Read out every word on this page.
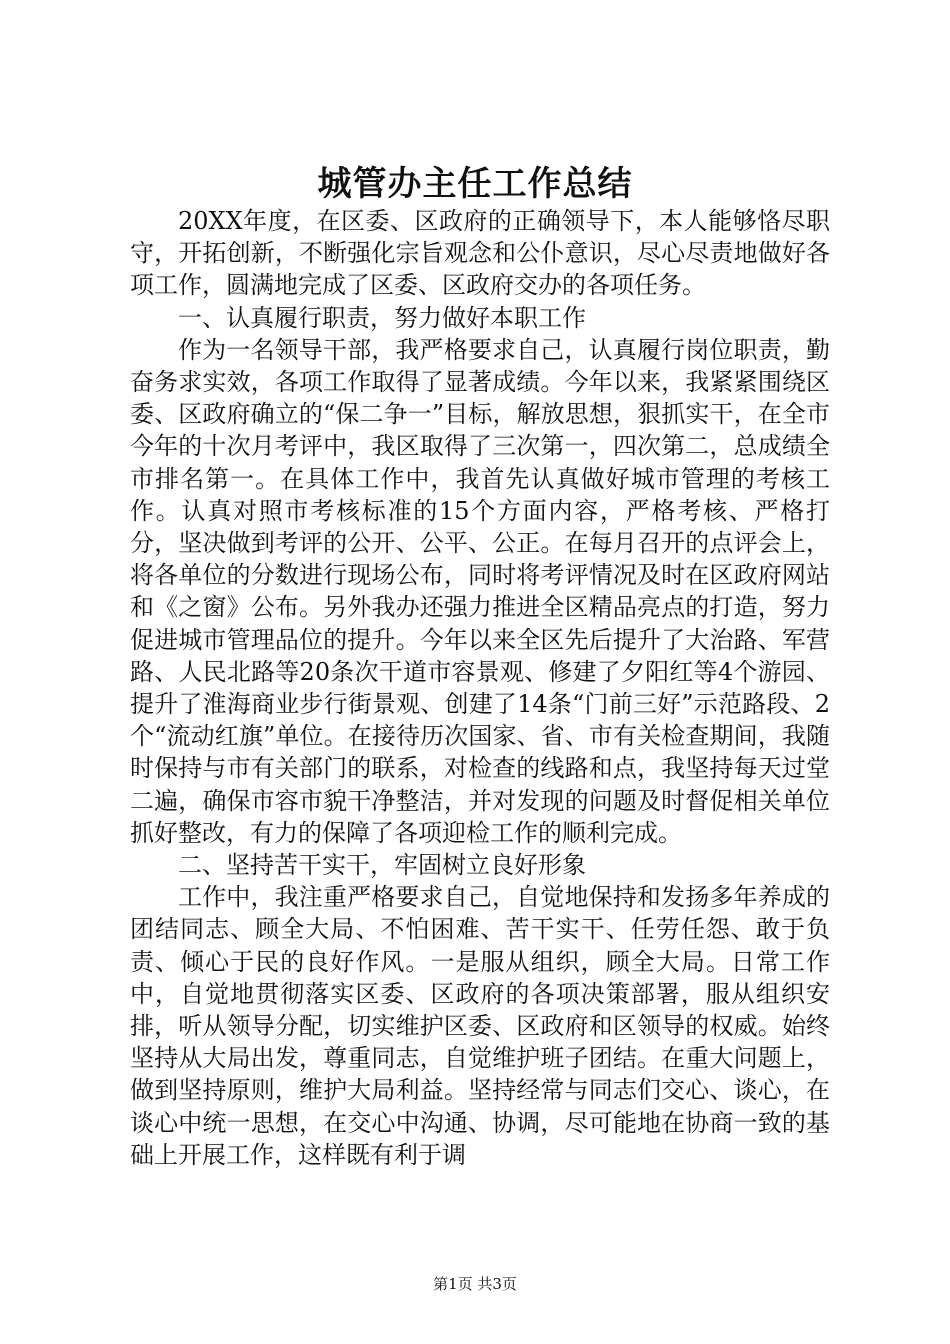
城管办主任工作总结

20XX年度，在区委、区政府的正确领导下，本人能够恪尽职守，开拓创新，不断强化宗旨观念和公仆意识，尽心尽责地做好各项工作，圆满地完成了区委、区政府交办的各项任务。

一、认真履行职责，努力做好本职工作

作为一名领导干部，我严格要求自己，认真履行岗位职责，勤奋务求实效，各项工作取得了显著成绩。今年以来，我紧紧围绕区委、区政府确立的“保二争一”目标，解放思想，狠抓实干，在全市今年的十次月考评中，我区取得了三次第一，四次第二，总成绩全市排名第一。在具体工作中，我首先认真做好城市管理的考核工作。认真对照市考核标准的15个方面内容，严格考核、严格打分，坚决做到考评的公开、公平、公正。在每月召开的点评会上，将各单位的分数进行现场公布，同时将考评情况及时在区政府网站和《之窗》公布。另外我办还强力推进全区精品亮点的打造，努力促进城市管理品位的提升。今年以来全区先后提升了大治路、军营路、人民北路等20条次干道市容景观、修建了夕阳红等4个游园、提升了淮海商业步行街景观、创建了14条“门前三好”示范路段、2个“流动红旗”单位。在接待历次国家、省、市有关检查期间，我随时保持与市有关部门的联系，对检查的线路和点，我坚持每天过堂二遍，确保市容市貌干净整洁，并对发现的问题及时督促相关单位抓好整改，有力的保障了各项迎检工作的顺利完成。

二、坚持苦干实干，牢固树立良好形象

工作中，我注重严格要求自己，自觉地保持和发扬多年养成的团结同志、顾全大局、不怕困难、苦干实干、任劳任怨、敢于负责、倾心于民的良好作风。一是服从组织，顾全大局。日常工作中，自觉地贯彻落实区委、区政府的各项决策部署，服从组织安排，听从领导分配，切实维护区委、区政府和区领导的权威。始终坚持从大局出发，尊重同志，自觉维护班子团结。在重大问题上，做到坚持原则，维护大局利益。坚持经常与同志们交心、谈心，在谈心中统一思想，在交心中沟通、协调，尽可能地在协商一致的基础上开展工作，这样既有利于调

第1页 共3页
